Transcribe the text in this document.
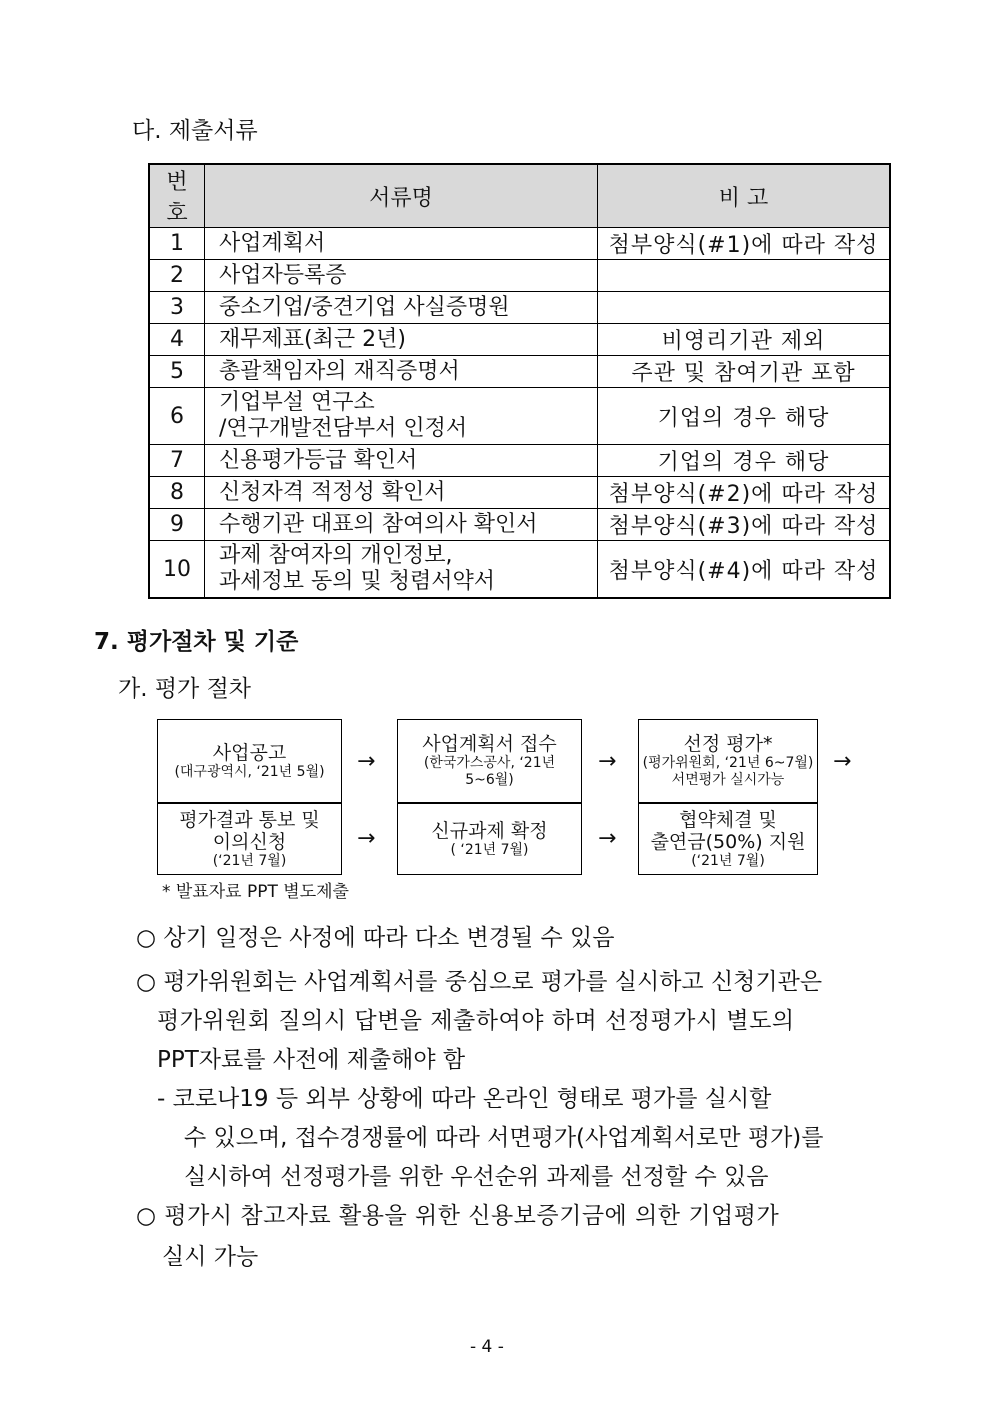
다. 제출서류
번호	서류명	비 고
1	사업계획서	첨부양식(#1)에 따라 작성
2	사업자등록증	
3	중소기업/중견기업 사실증명원	
4	재무제표(최근 2년)	비영리기관 제외
5	총괄책임자의 재직증명서	주관 및 참여기관 포함
6	기업부설 연구소
/연구개발전담부서 인정서	기업의 경우 해당
7	신용평가등급 확인서	기업의 경우 해당
8	신청자격 적정성 확인서	첨부양식(#2)에 따라 작성
9	수행기관 대표의 참여의사 확인서	첨부양식(#3)에 따라 작성
10	과제 참여자의 개인정보,
과세정보 동의 및 청렴서약서	첨부양식(#4)에 따라 작성
7. 평가절차 및 기준
가. 평가 절차
사업공고
(대구광역시, ‘21년 5월) →
사업계획서 접수
(한국가스공사, ‘21년
5~6월)
→
선정 평가*
(평가위원회, ‘21년 6~7월)
서면평가 실시가능
→
평가결과 통보 및
이의신청
(‘21년 7월)
→	신규과제 확정
( ‘21년 7월)	→
협약체결 및
출연금(50%) 지원
(‘21년 7월)
* 발표자료 PPT 별도제출
○ 상기 일정은 사정에 따라 다소 변경될 수 있음
○ 평가위원회는 사업계획서를 중심으로 평가를 실시하고 신청기관은
평가위원회 질의시 답변을 제출하여야 하며 선정평가시 별도의
PPT자료를 사전에 제출해야 함
- 코로나19 등 외부 상황에 따라 온라인 형태로 평가를 실시할
수 있으며, 접수경쟁률에 따라 서면평가(사업계획서로만 평가)를
실시하여 선정평가를 위한 우선순위 과제를 선정할 수 있음
○ 평가시 참고자료 활용을 위한 신용보증기금에 의한 기업평가
실시 가능
- 4 -
